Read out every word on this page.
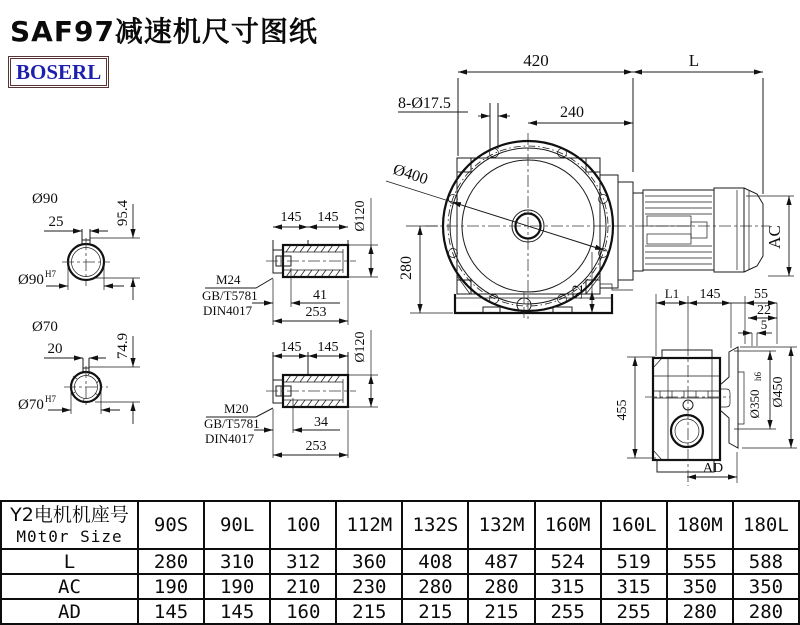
SAF97减速机尺寸图纸
BOSERL
Ø90
25	95.4
Ø90 H7
Ø70
20	74.9
Ø70 H7
145 145 Ø120
M24
GB/T5781
DIN4017
41
253
145 145 Ø120
M20
GB/T5781
DIN4017
34
253
420	L
240
8-Ø17.5
Ø400
280
52
AC
L1 145 55
22
5
455	Ø350
h6 Ø450
AD
Y2电机机座号
M0t0r Size	90S	90L	100	112M	132S	132M	160M	160L	180M	180L
L	280	310	312	360	408	487	524	519	555	588
AC	190	190	210	230	280	280	315	315	350	350
AD	145	145	160	215	215	215	255	255	280	280
